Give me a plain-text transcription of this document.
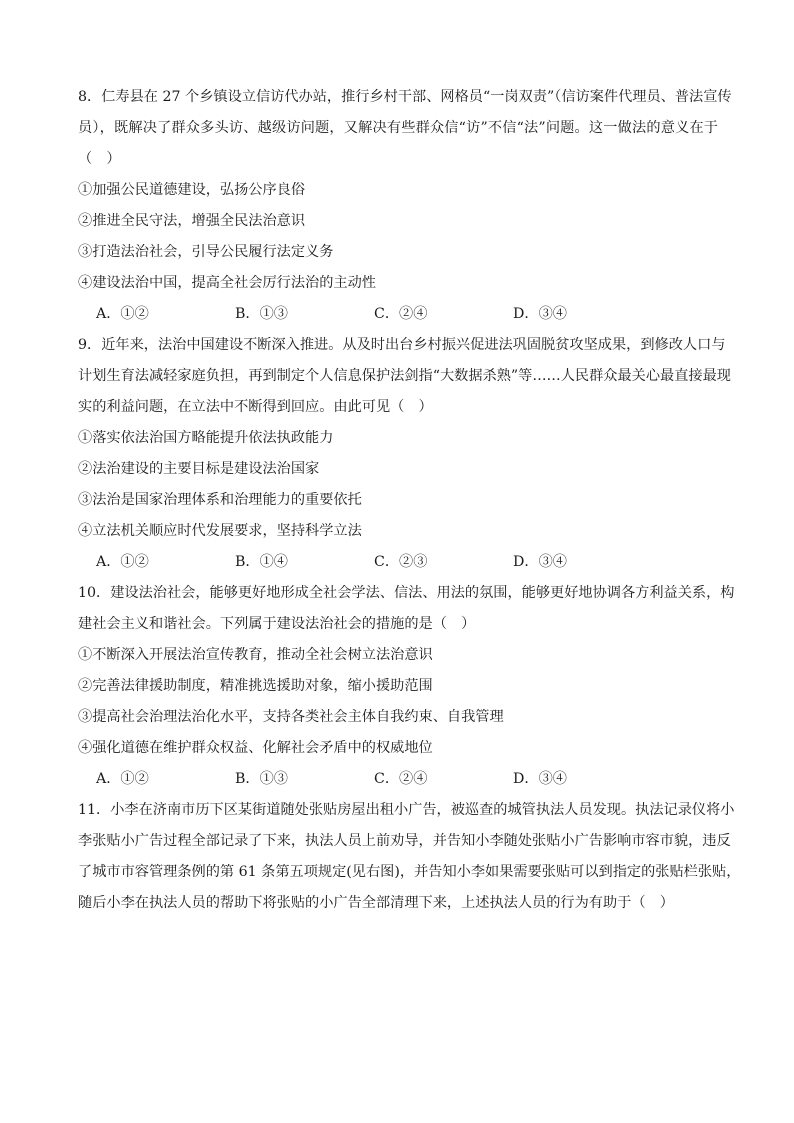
8．仁寿县在 27 个乡镇设立信访代办站，推行乡村干部、网格员“一岗双责”（信访案件代理员、普法宣传
员），既解决了群众多头访、越级访问题，又解决有些群众信“访”不信“法”问题。这一做法的意义在于
（　）
①加强公民道德建设，弘扬公序良俗
②推进全民守法，增强全民法治意识
③打造法治社会，引导公民履行法定义务
④建设法治中国，提高全社会厉行法治的主动性
A．①②	B．①③	C．②④	D．③④
9．近年来，法治中国建设不断深入推进。从及时出台乡村振兴促进法巩固脱贫攻坚成果，到修改人口与
计划生育法减轻家庭负担，再到制定个人信息保护法剑指“大数据杀熟”等……人民群众最关心最直接最现
实的利益问题，在立法中不断得到回应。由此可见（　）
①落实依法治国方略能提升依法执政能力
②法治建设的主要目标是建设法治国家
③法治是国家治理体系和治理能力的重要依托
④立法机关顺应时代发展要求，坚持科学立法
A．①②	B．①④	C．②③	D．③④
10．建设法治社会，能够更好地形成全社会学法、信法、用法的氛围，能够更好地协调各方利益关系，构
建社会主义和谐社会。下列属于建设法治社会的措施的是（　）
①不断深入开展法治宣传教育，推动全社会树立法治意识
②完善法律援助制度，精准挑选援助对象，缩小援助范围
③提高社会治理法治化水平，支持各类社会主体自我约束、自我管理
④强化道德在维护群众权益、化解社会矛盾中的权威地位
A．①②	B．①③	C．②④	D．③④
11．小李在济南市历下区某街道随处张贴房屋出租小广告，被巡查的城管执法人员发现。执法记录仪将小
李张贴小广告过程全部记录了下来，执法人员上前劝导，并告知小李随处张贴小广告影响市容市貌，违反
了城市市容管理条例的第 61 条第五项规定(见右图)，并告知小李如果需要张贴可以到指定的张贴栏张贴，
随后小李在执法人员的帮助下将张贴的小广告全部清理下来，上述执法人员的行为有助于（　）
